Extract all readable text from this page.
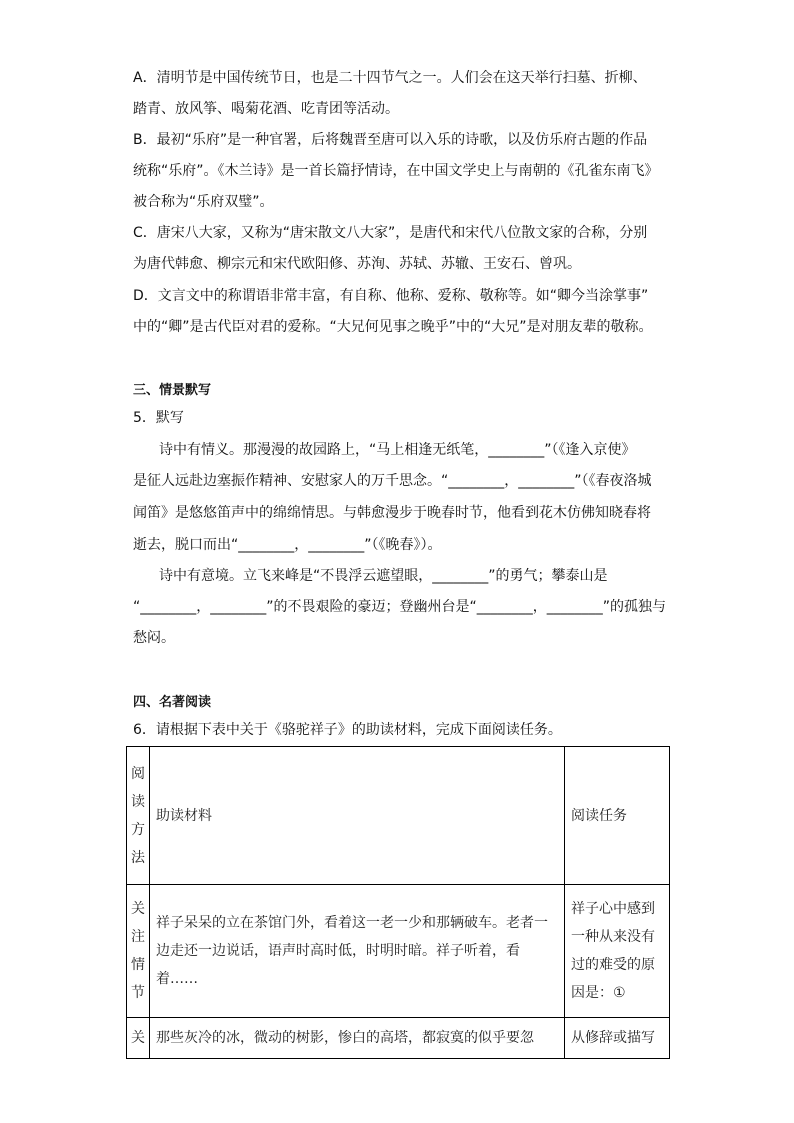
A．清明节是中国传统节日，也是二十四节气之一。人们会在这天举行扫墓、折柳、
踏青、放风筝、喝菊花酒、吃青团等活动。
B．最初“乐府”是一种官署，后将魏晋至唐可以入乐的诗歌，以及仿乐府古题的作品
统称“乐府”。《木兰诗》是一首长篇抒情诗，在中国文学史上与南朝的《孔雀东南飞》
被合称为“乐府双璧”。
C．唐宋八大家，又称为“唐宋散文八大家”，是唐代和宋代八位散文家的合称，分别
为唐代韩愈、柳宗元和宋代欧阳修、苏洵、苏轼、苏辙、王安石、曾巩。
D．文言文中的称谓语非常丰富，有自称、他称、爱称、敬称等。如“卿今当涂掌事”
中的“卿”是古代臣对君的爱称。“大兄何见事之晚乎”中的“大兄”是对朋友辈的敬称。
三、情景默写
5．默写
诗中有情义。那漫漫的故园路上，“马上相逢无纸笔，________”（《逢入京使》
是征人远赴边塞振作精神、安慰家人的万千思念。“________，________”（《春夜洛城
闻笛》是悠悠笛声中的绵绵情思。与韩愈漫步于晚春时节，他看到花木仿佛知晓春将
逝去，脱口而出“________，________”（《晚春》）。
诗中有意境。立飞来峰是“不畏浮云遮望眼，________”的勇气；攀泰山是
“________，________”的不畏艰险的豪迈；登幽州台是“________，________”的孤独与
愁闷。
四、名著阅读
6．请根据下表中关于《骆驼祥子》的助读材料，完成下面阅读任务。
阅读方法	助读材料	阅读任务

关注情节	祥子呆呆的立在茶馆门外，看着这一老一少和那辆破车。老者一边走还一边说话，语声时高时低，时明时暗。祥子听着，看着……	祥子心中感到一种从来没有过的难受的原因是：①

关	那些灰冷的冰，微动的树影，惨白的高塔，都寂寞的似乎要忽	从修辞或描写
